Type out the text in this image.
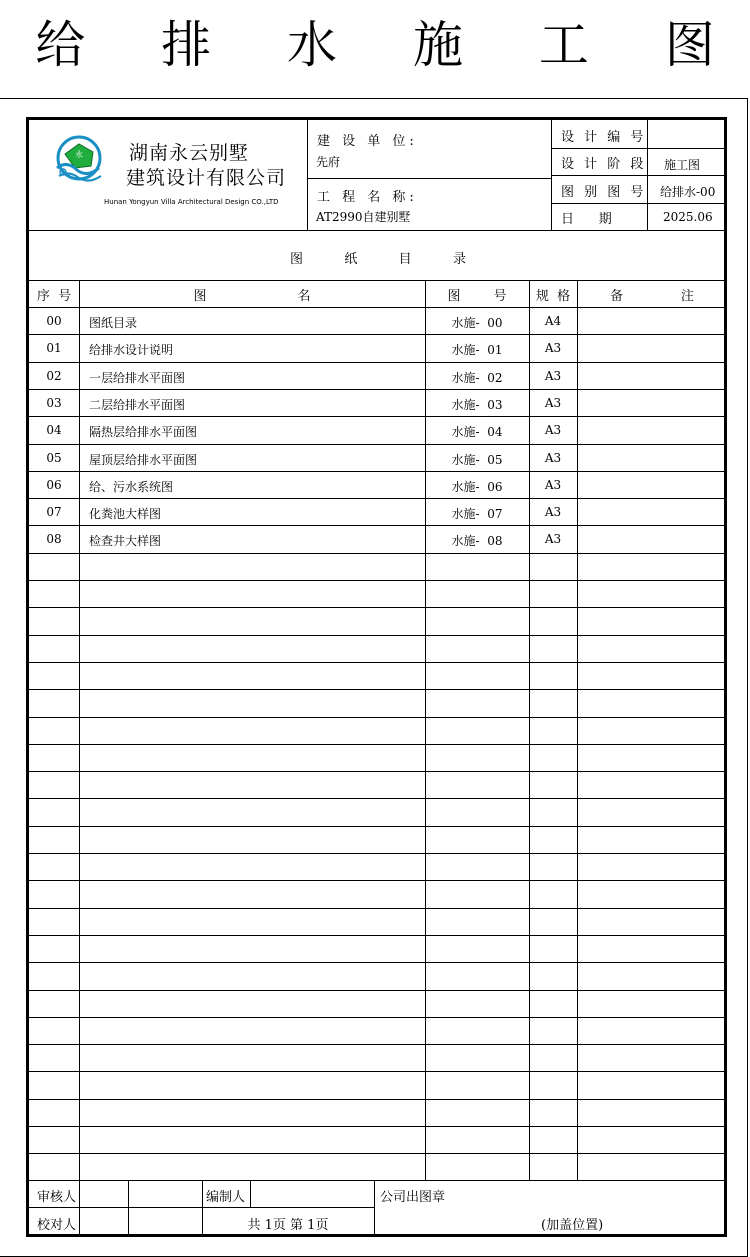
给 排 水 施 工 图
永 湖南永云别墅
建筑设计有限公司
Hunan Yongyun Villa Architectural Design CO.,LTD
建 设 单 位:
先府
工 程 名 称:
AT2990自建别墅
设 计 编 号
设 计 阶 段 施工图
图 别 图 号 给排水-00
日      期	2025.06
图          纸          目          录
序  号	图                      名	图        号	规  格	备              注
00	图纸目录	水施-  00	A4
01	给排水设计说明	水施-  01	A3
02	一层给排水平面图	水施-  02	A3
03	二层给排水平面图	水施-  03	A3
04	隔热层给排水平面图	水施-  04	A3
05	屋顶层给排水平面图	水施-  05	A3
06	给、污水系统图	水施-  06	A3
07	化粪池大样图	水施-  07	A3
08	检查井大样图	水施-  08	A3
审核人
校对人
编制人
共 1页 第 1页
公司出图章
(加盖位置)
